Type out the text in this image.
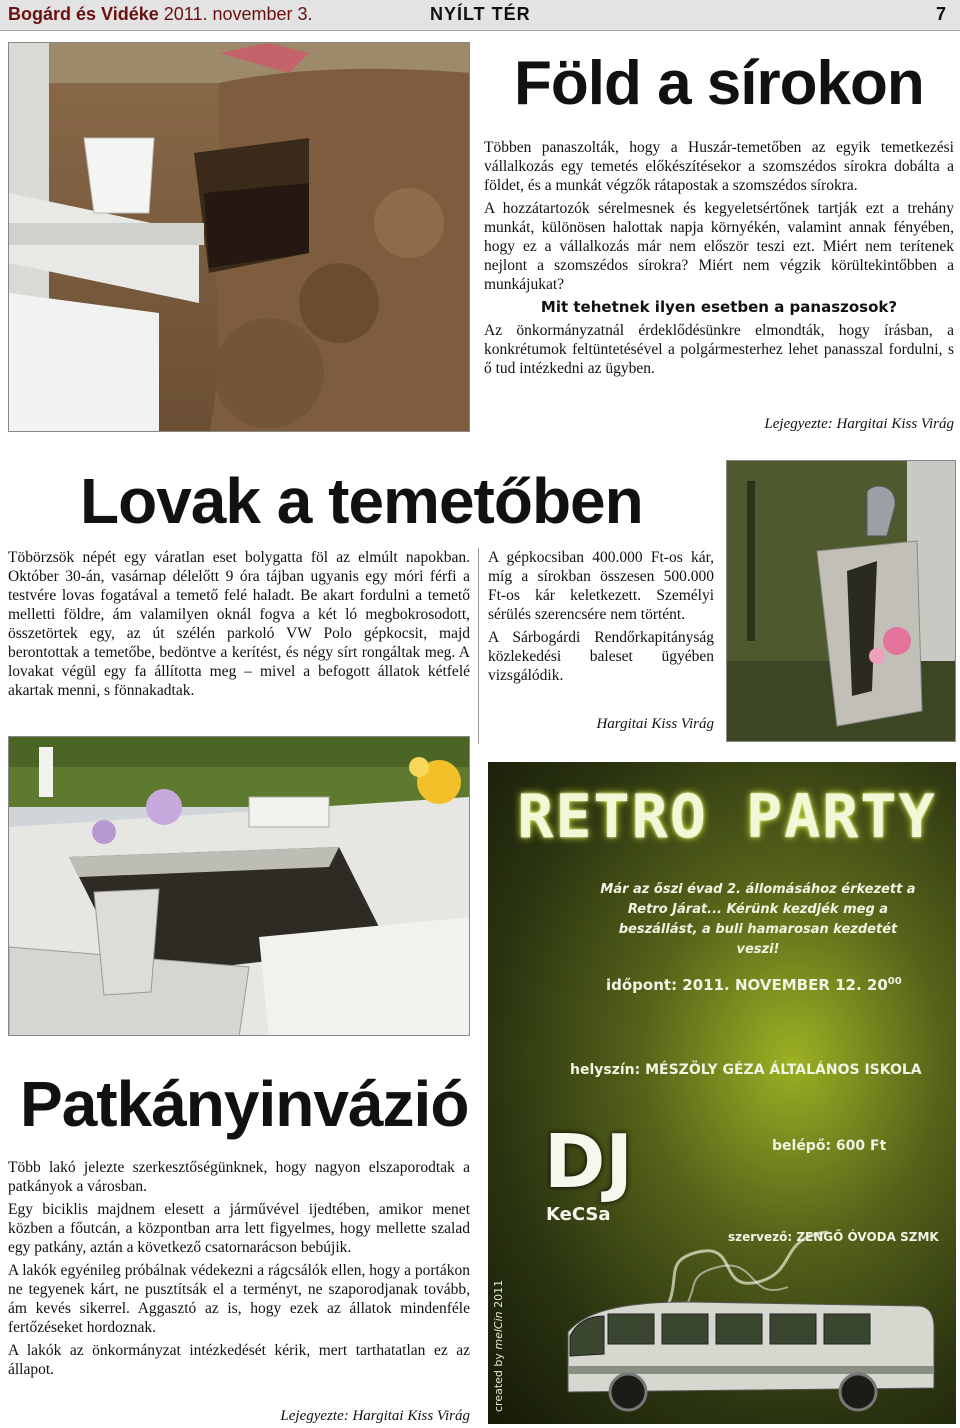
Bogárd és Vidéke 2011. november 3.	NYÍLT TÉR	7
Föld a sírokon

Többen panaszolták, hogy a Huszár-temetőben az egyik temetkezési vállalkozás egy temetés előkészítésekor a szomszédos sírokra dobálta a földet, és a munkát végzők rátapostak a szomszédos sírokra.

A hozzátartozók sérelmesnek és kegyeletsértőnek tartják ezt a trehány munkát, különösen halottak napja környékén, valamint annak fényében, hogy ez a vállalkozás már nem először teszi ezt. Miért nem terítenek nejlont a szomszédos sírokra? Miért nem végzik körültekintőbben a munkájukat?

Mit tehetnek ilyen esetben a panaszosok?

Az önkormányzatnál érdeklődésünkre elmondták, hogy írásban, a konkrétumok feltüntetésével a polgármesterhez lehet panasszal fordulni, s ő tud intézkedni az ügyben.

Lejegyezte: Hargitai Kiss Virág
Lovak a temetőben

Töbörzsök népét egy váratlan eset bolygatta föl az elmúlt napokban. Október 30-án, vasárnap délelőtt 9 óra tájban ugyanis egy móri férfi a testvére lovas fogatával a temető felé haladt. Be akart fordulni a temető melletti földre, ám valamilyen oknál fogva a két ló megbokrosodott, összetörtek egy, az út szélén parkoló VW Polo gépkocsit, majd berontottak a temetőbe, bedöntve a kerítést, és négy sírt rongáltak meg. A lovakat végül egy fa állította meg – mivel a befogott állatok kétfelé akartak menni, s fönnakadtak.

A gépkocsiban 400.000 Ft-os kár, míg a sírokban összesen 500.000 Ft-os kár keletkezett. Személyi sérülés szerencsére nem történt.

A Sárbogárdi Rendőrkapitányság közlekedési baleset ügyében vizsgálódik.

Hargitai Kiss Virág
Patkányinvázió

Több lakó jelezte szerkesztőségünknek, hogy nagyon elszaporodtak a patkányok a városban.

Egy biciklis majdnem elesett a járművével ijedtében, amikor menet közben a főutcán, a központban arra lett figyelmes, hogy mellette szalad egy patkány, aztán a következő csatornarácson bebújik.

A lakók egyénileg próbálnak védekezni a rágcsálók ellen, hogy a portákon ne tegyenek kárt, ne pusztítsák el a terményt, ne szaporodjanak tovább, ám kevés sikerrel. Aggasztó az is, hogy ezek az állatok mindenféle fertőzéseket hordoznak.

A lakók az önkormányzat intézkedését kérik, mert tarthatatlan ez az állapot.

Lejegyezte: Hargitai Kiss Virág
RETRO PARTY
Már az őszi évad 2. állomásához érkezett a Retro Járat... Kérünk kezdjék meg a beszállást, a buli hamarosan kezdetét veszi!
időpont: 2011. NOVEMBER 12. $20^{00}$
helyszín: MÉSZÖLY GÉZA ÁLTALÁNOS ISKOLA
belépő: 600 Ft
DJ
KeCSa
szervező: ZENGŐ ÓVODA SZMK
created by melCin 2011
